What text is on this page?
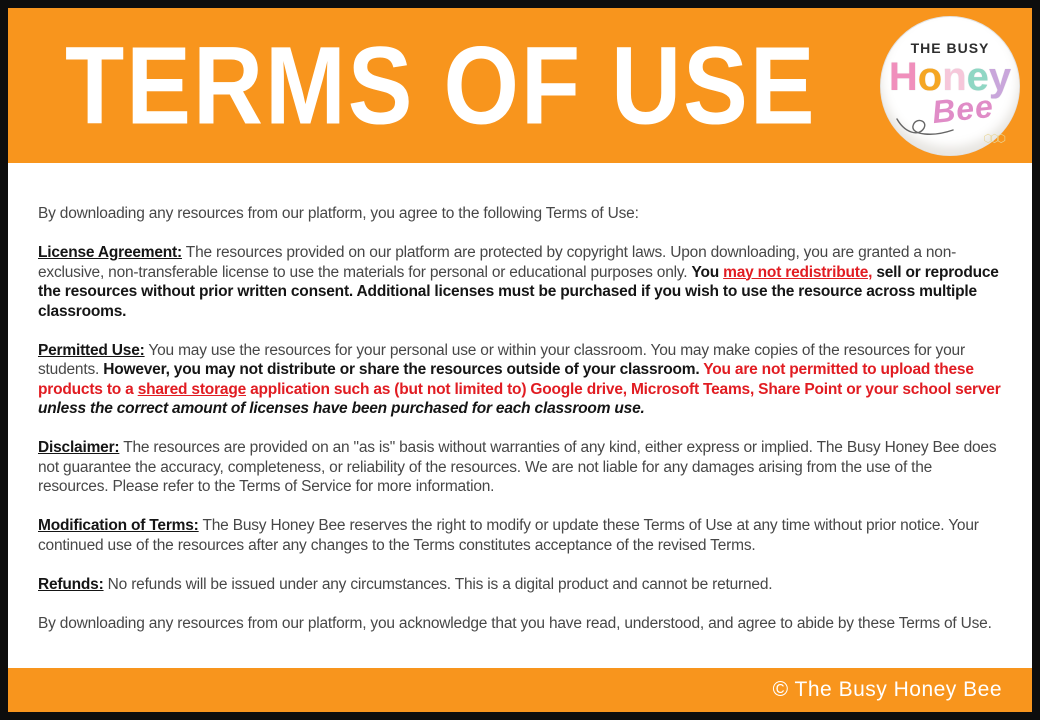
TERMS OF USE	THE BUSY
Honey
Bee
⬡⬡⬡

By downloading any resources from our platform, you agree to the following Terms of Use:

License Agreement: The resources provided on our platform are protected by copyright laws. Upon downloading, you are granted a non-exclusive, non-transferable license to use the materials for personal or educational purposes only. You may not redistribute, sell or reproduce the resources without prior written consent. Additional licenses must be purchased if you wish to use the resource across multiple classrooms.

Permitted Use: You may use the resources for your personal use or within your classroom. You may make copies of the resources for your students. However, you may not distribute or share the resources outside of your classroom. You are not permitted to upload these products to a shared storage application such as (but not limited to) Google drive, Microsoft Teams, Share Point or your school server unless the correct amount of licenses have been purchased for each classroom use.

Disclaimer: The resources are provided on an "as is" basis without warranties of any kind, either express or implied. The Busy Honey Bee does not guarantee the accuracy, completeness, or reliability of the resources. We are not liable for any damages arising from the use of the resources. Please refer to the Terms of Service for more information.

Modification of Terms: The Busy Honey Bee reserves the right to modify or update these Terms of Use at any time without prior notice. Your continued use of the resources after any changes to the Terms constitutes acceptance of the revised Terms.

Refunds: No refunds will be issued under any circumstances. This is a digital product and cannot be returned.

By downloading any resources from our platform, you acknowledge that you have read, understood, and agree to abide by these Terms of Use.

© The Busy Honey Bee
